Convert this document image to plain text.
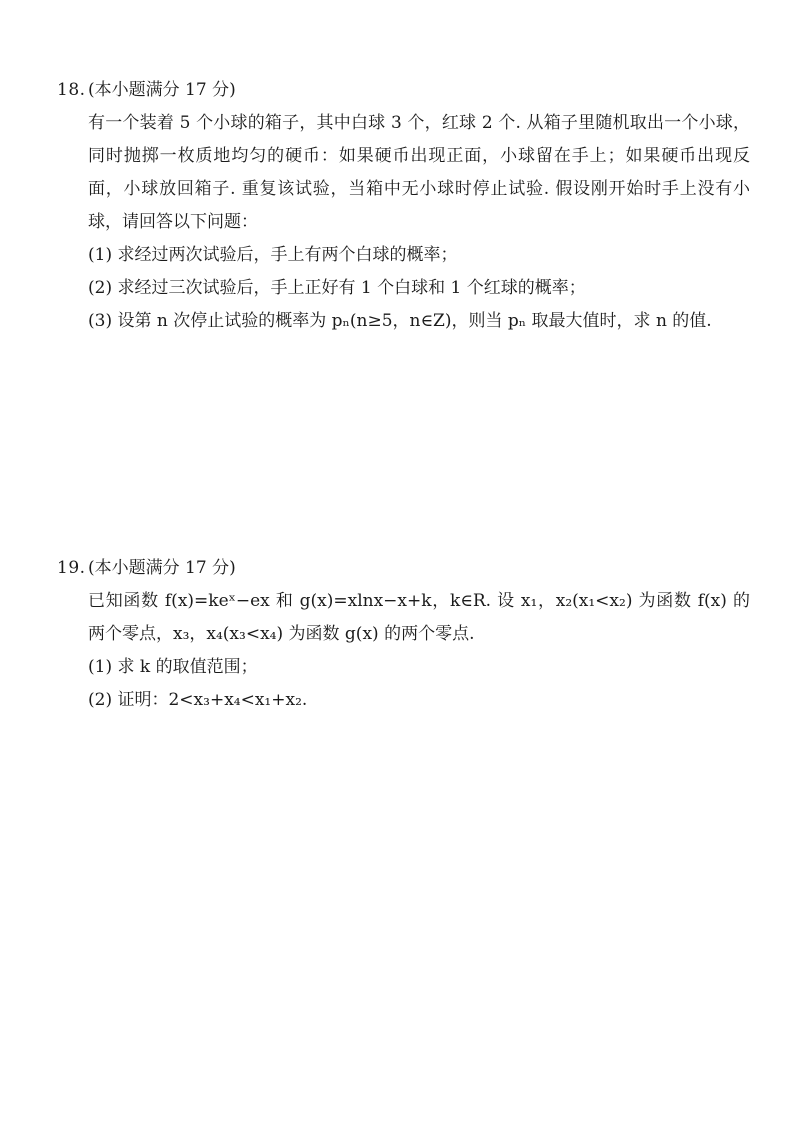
18. (本小题满分 17 分)

有一个装着 5 个小球的箱子，其中白球 3 个，红球 2 个. 从箱子里随机取出一个小球，同时抛掷一枚质地均匀的硬币：如果硬币出现正面，小球留在手上；如果硬币出现反面，小球放回箱子. 重复该试验，当箱中无小球时停止试验. 假设刚开始时手上没有小球，请回答以下问题：

(1) 求经过两次试验后，手上有两个白球的概率；

(2) 求经过三次试验后，手上正好有 1 个白球和 1 个红球的概率；

(3) 设第 n 次停止试验的概率为 pₙ(n≥5，n∈Z)，则当 pₙ 取最大值时，求 n 的值.

19. (本小题满分 17 分)

已知函数 f(x)=keˣ−ex 和 g(x)=xlnx−x+k，k∈R. 设 x₁，x₂(x₁<x₂) 为函数 f(x) 的两个零点，x₃，x₄(x₃<x₄) 为函数 g(x) 的两个零点.

(1) 求 k 的取值范围；

(2) 证明：2<x₃+x₄<x₁+x₂.
